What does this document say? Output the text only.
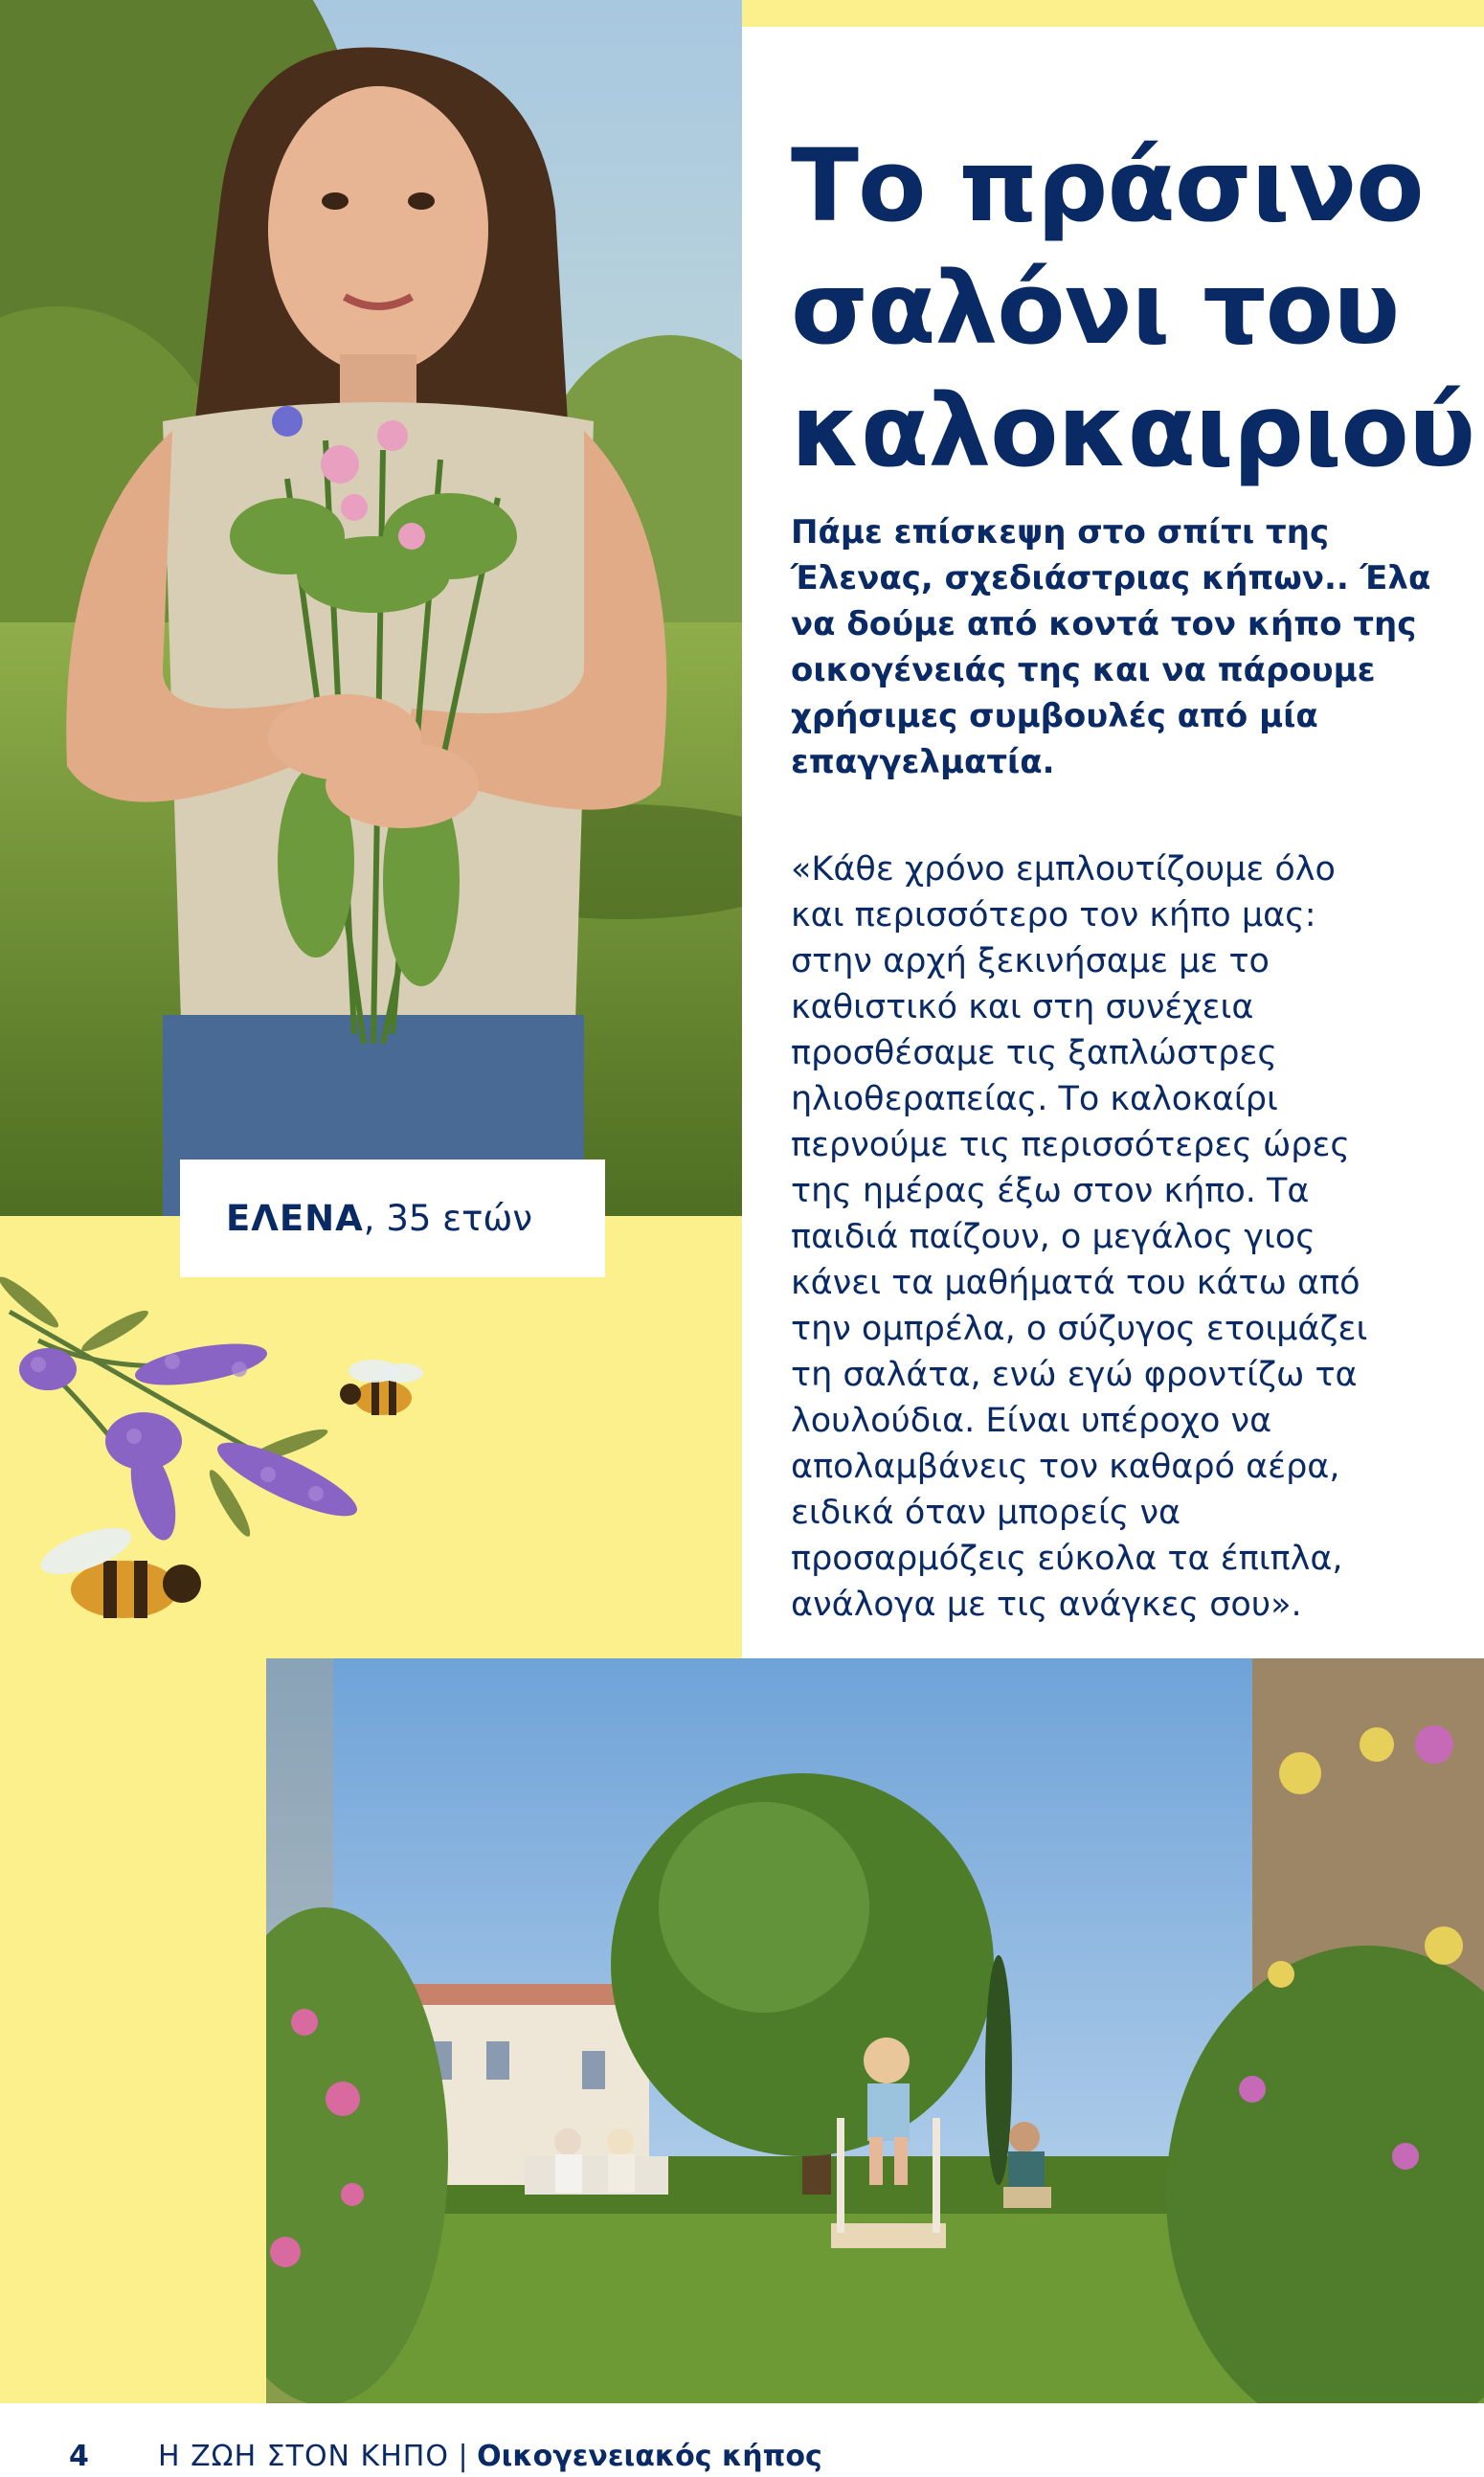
ΕΛΕΝΑ , 35 ετών
Το πράσινο
σαλόνι του
καλοκαιριού
Πάμε επίσκεψη στο σπίτι της
Έλενας, σχεδιάστριας κήπων.. Έλα
να δούμε από κοντά τον κήπο της
οικογένειάς της και να πάρουμε
χρήσιμες συμβουλές από μία
επαγγελματία.
«Κάθε χρόνο εμπλουτίζουμε όλο
και περισσότερο τον κήπο μας:
στην αρχή ξεκινήσαμε με το
καθιστικό και στη συνέχεια
προσθέσαμε τις ξαπλώστρες
ηλιοθεραπείας. Το καλοκαίρι
περνούμε τις περισσότερες ώρες
της ημέρας έξω στον κήπο. Τα
παιδιά παίζουν, ο μεγάλος γιος
κάνει τα μαθήματά του κάτω από
την ομπρέλα, ο σύζυγος ετοιμάζει
τη σαλάτα, ενώ εγώ φροντίζω τα
λουλούδια. Είναι υπέροχο να
απολαμβάνεις τον καθαρό αέρα,
ειδικά όταν μπορείς να
προσαρμόζεις εύκολα τα έπιπλα,
ανάλογα με τις ανάγκες σου».
4 Η ΖΩΗ ΣΤΟΝ ΚΗΠΟ | Οικογενειακός κήπος
